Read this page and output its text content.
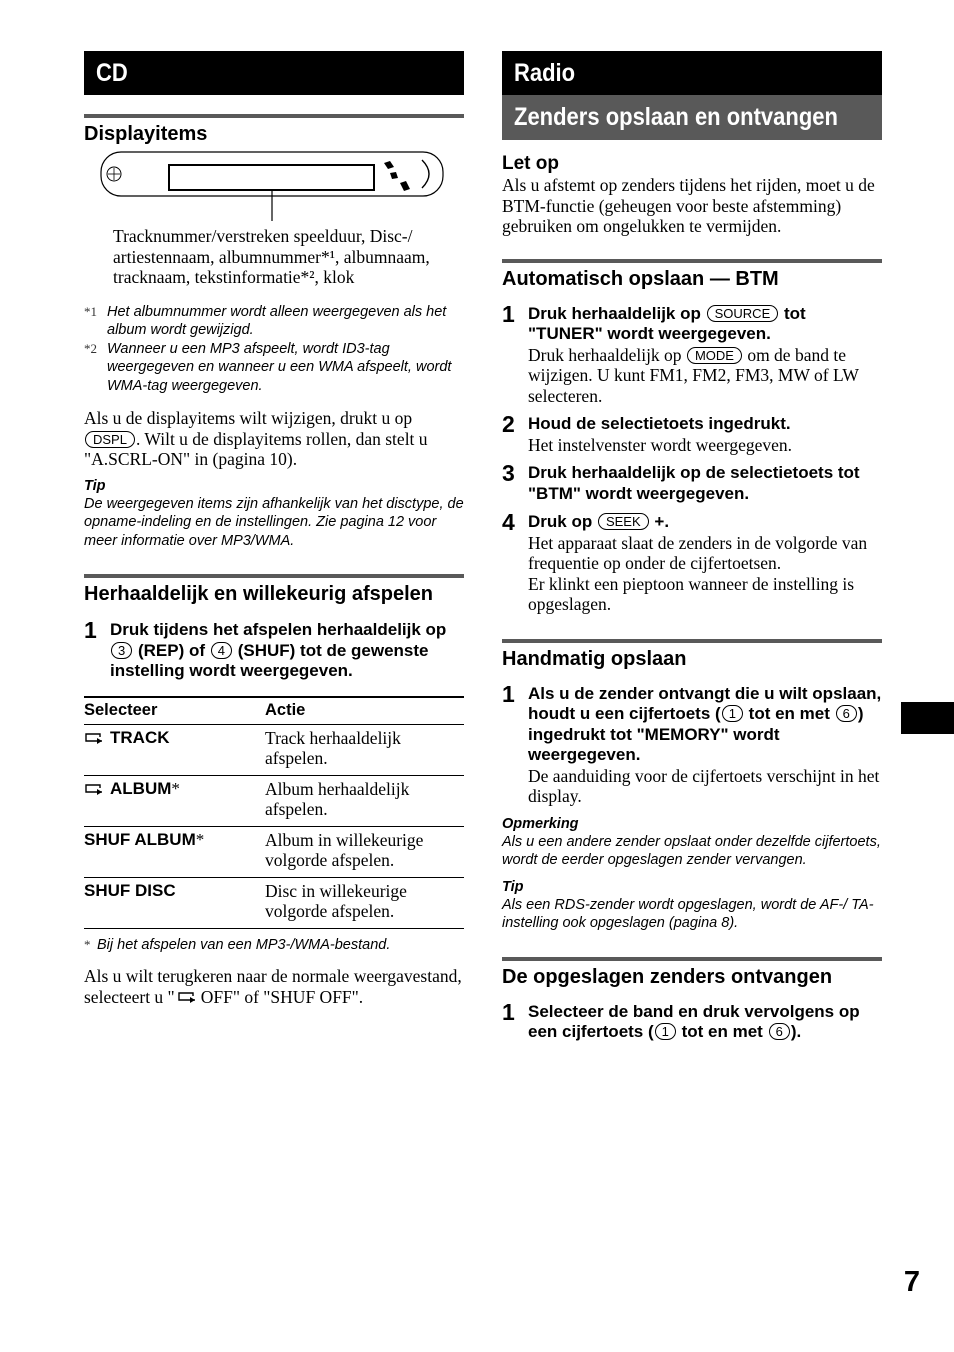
CD
Displayitems
Tracknummer/verstreken speelduur, Disc-/ artiestennaam, albumnummer*¹, albumnaam, tracknaam, tekstinformatie*², klok
*1 Het albumnummer wordt alleen weergegeven als het album wordt gewijzigd.
*2 Wanneer u een MP3 afspeelt, wordt ID3-tag weergegeven en wanneer u een WMA afspeelt, wordt WMA-tag weergegeven.
Als u de displayitems wilt wijzigen, drukt u op DSPL . Wilt u de displayitems rollen, dan stelt u "A.SCRL-ON" in (pagina 10).
Tip
De weergegeven items zijn afhankelijk van het disctype, de opname-indeling en de instellingen. Zie pagina 12 voor meer informatie over MP3/WMA.
Herhaaldelijk en willekeurig afspelen
1 Druk tijdens het afspelen herhaaldelijk op 3 (REP) of 4 (SHUF) tot de gewenste instelling wordt weergegeven.
Selecteer	Actie
TRACK	Track herhaaldelijk afspelen.
ALBUM*	Album herhaaldelijk afspelen.
SHUF ALBUM*	Album in willekeurige volgorde afspelen.
SHUF DISC	Disc in willekeurige volgorde afspelen.
* Bij het afspelen van een MP3-/WMA-bestand.
Als u wilt terugkeren naar de normale weergavestand, selecteert u " OFF" of "SHUF OFF".
Radio
Zenders opslaan en ontvangen
Let op
Als u afstemt op zenders tijdens het rijden, moet u de BTM-functie (geheugen voor beste afstemming) gebruiken om ongelukken te vermijden.
Automatisch opslaan — BTM
1 Druk herhaaldelijk op SOURCE tot "TUNER" wordt weergegeven.
Druk herhaaldelijk op MODE om de band te wijzigen. U kunt FM1, FM2, FM3, MW of LW selecteren.
2 Houd de selectietoets ingedrukt.
Het instelvenster wordt weergegeven.
3 Druk herhaaldelijk op de selectietoets tot "BTM" wordt weergegeven.
4 Druk op SEEK +.
Het apparaat slaat de zenders in de volgorde van frequentie op onder de cijfertoetsen.
Er klinkt een pieptoon wanneer de instelling is opgeslagen.
Handmatig opslaan
1 Als u de zender ontvangt die u wilt opslaan, houdt u een cijfertoets ( 1 tot en met 6 ) ingedrukt tot "MEMORY" wordt weergegeven.
De aanduiding voor de cijfertoets verschijnt in het display.
Opmerking
Als u een andere zender opslaat onder dezelfde cijfertoets, wordt de eerder opgeslagen zender vervangen.
Tip
Als een RDS-zender wordt opgeslagen, wordt de AF-/ TA-instelling ook opgeslagen (pagina 8).
De opgeslagen zenders ontvangen
1 Selecteer de band en druk vervolgens op een cijfertoets ( 1 tot en met 6 ).
7
